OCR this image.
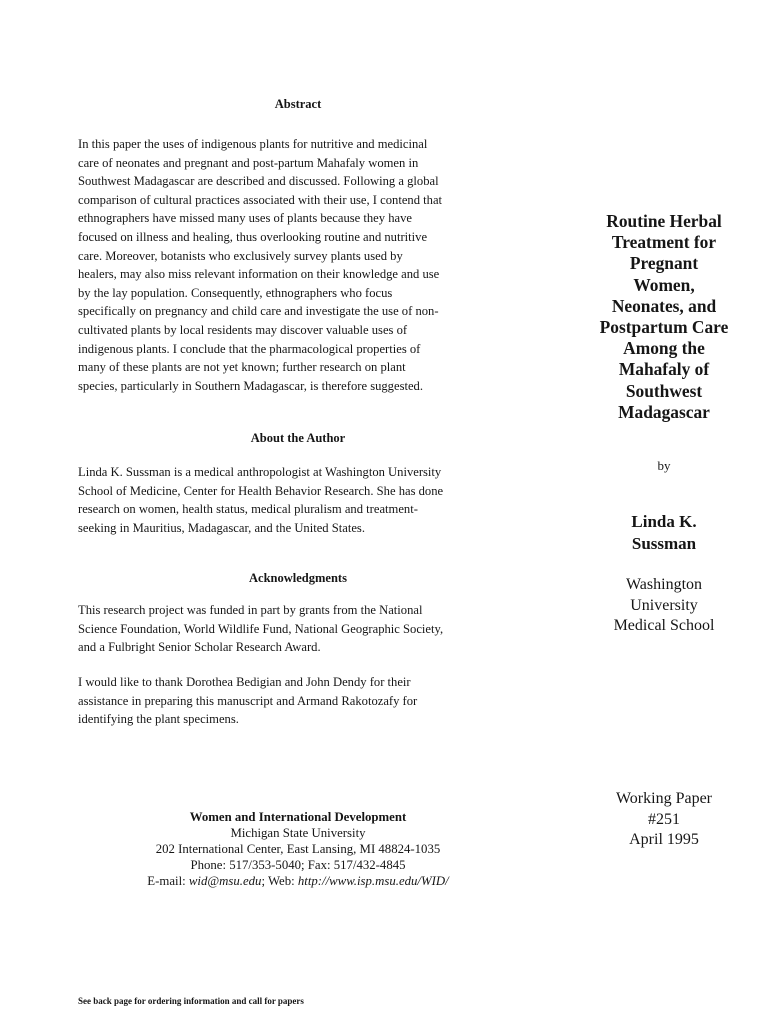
Abstract
In this paper the uses of indigenous plants for nutritive and medicinal
care of neonates and pregnant and post-partum Mahafaly women in
Southwest Madagascar are described and discussed. Following a global
comparison of cultural practices associated with their use, I contend that
ethnographers have missed many uses of plants because they have
focused on illness and healing, thus overlooking routine and nutritive
care. Moreover, botanists who exclusively survey plants used by
healers, may also miss relevant information on their knowledge and use
by the lay population. Consequently, ethnographers who focus
specifically on pregnancy and child care and investigate the use of non-
cultivated plants by local residents may discover valuable uses of
indigenous plants. I conclude that the pharmacological properties of
many of these plants are not yet known; further research on plant
species, particularly in Southern Madagascar, is therefore suggested.
About the Author
Linda K. Sussman is a medical anthropologist at Washington University
School of Medicine, Center for Health Behavior Research. She has done
research on women, health status, medical pluralism and treatment-
seeking in Mauritius, Madagascar, and the United States.
Acknowledgments
This research project was funded in part by grants from the National
Science Foundation, World Wildlife Fund, National Geographic Society,
and a Fulbright Senior Scholar Research Award.
I would like to thank Dorothea Bedigian and John Dendy for their
assistance in preparing this manuscript and Armand Rakotozafy for
identifying the plant specimens.
Women and International Development
Michigan State University
202 International Center, East Lansing, MI 48824-1035
Phone: 517/353-5040; Fax: 517/432-4845
E-mail: wid@msu.edu; Web: http://www.isp.msu.edu/WID/
See back page for ordering information and call for papers
Routine Herbal
Treatment for
Pregnant
Women,
Neonates, and
Postpartum Care
Among the
Mahafaly of
Southwest
Madagascar
by
Linda K.
Sussman
Washington
University
Medical School
Working Paper
#251
April 1995
